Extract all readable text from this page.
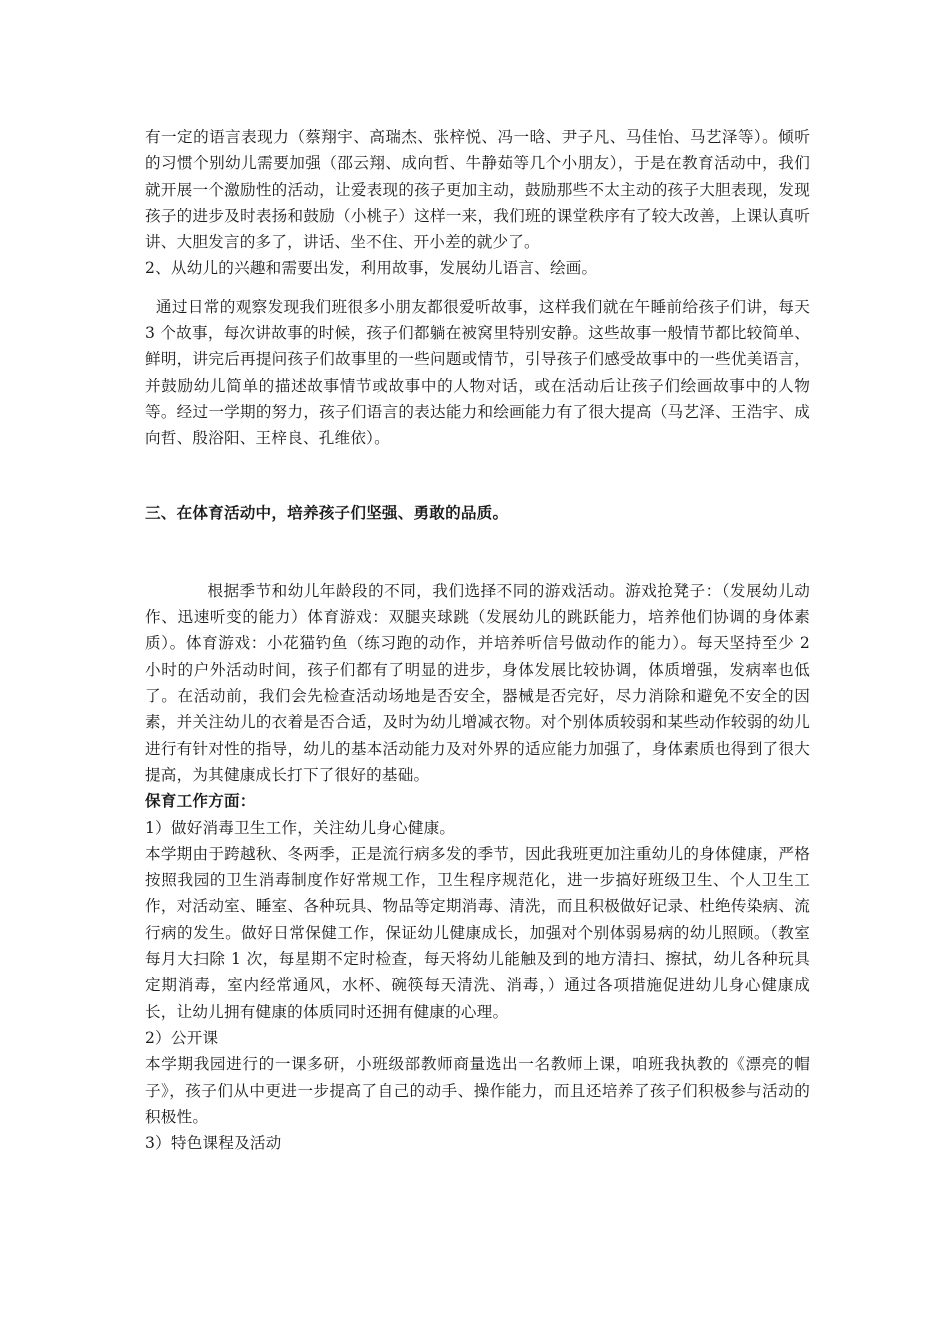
有一定的语言表现力（蔡翔宇、高瑞杰、张梓悦、冯一晗、尹子凡、马佳怡、马艺泽等）。倾听的习惯个别幼儿需要加强（邵云翔、成向哲、牛静茹等几个小朋友），于是在教育活动中，我们就开展一个激励性的活动，让爱表现的孩子更加主动，鼓励那些不太主动的孩子大胆表现，发现孩子的进步及时表扬和鼓励（小桃子）这样一来，我们班的课堂秩序有了较大改善，上课认真听讲、大胆发言的多了，讲话、坐不住、开小差的就少了。

2、从幼儿的兴趣和需要出发，利用故事，发展幼儿语言、绘画。

通过日常的观察发现我们班很多小朋友都很爱听故事，这样我们就在午睡前给孩子们讲，每天 3 个故事，每次讲故事的时候，孩子们都躺在被窝里特别安静。这些故事一般情节都比较简单、鲜明，讲完后再提问孩子们故事里的一些问题或情节，引导孩子们感受故事中的一些优美语言，并鼓励幼儿简单的描述故事情节或故事中的人物对话，或在活动后让孩子们绘画故事中的人物等。经过一学期的努力，孩子们语言的表达能力和绘画能力有了很大提高（马艺泽、王浩宇、成向哲、殷浴阳、王梓良、孔维依）。

三、在体育活动中，培养孩子们坚强、勇敢的品质。

根据季节和幼儿年龄段的不同，我们选择不同的游戏活动。游戏抢凳子：（发展幼儿动作、迅速听变的能力）体育游戏：双腿夹球跳（发展幼儿的跳跃能力，培养他们协调的身体素质）。体育游戏：小花猫钓鱼（练习跑的动作，并培养听信号做动作的能力）。每天坚持至少 2 小时的户外活动时间，孩子们都有了明显的进步，身体发展比较协调，体质增强，发病率也低了。在活动前，我们会先检查活动场地是否安全，器械是否完好，尽力消除和避免不安全的因素，并关注幼儿的衣着是否合适，及时为幼儿增减衣物。对个别体质较弱和某些动作较弱的幼儿进行有针对性的指导，幼儿的基本活动能力及对外界的适应能力加强了，身体素质也得到了很大提高，为其健康成长打下了很好的基础。

保育工作方面：

1）做好消毒卫生工作，关注幼儿身心健康。

本学期由于跨越秋、冬两季，正是流行病多发的季节，因此我班更加注重幼儿的身体健康，严格按照我园的卫生消毒制度作好常规工作，卫生程序规范化，进一步搞好班级卫生、个人卫生工作，对活动室、睡室、各种玩具、物品等定期消毒、清洗，而且积极做好记录、杜绝传染病、流行病的发生。做好日常保健工作，保证幼儿健康成长，加强对个别体弱易病的幼儿照顾。（教室每月大扫除 1 次，每星期不定时检查，每天将幼儿能触及到的地方清扫、擦拭，幼儿各种玩具定期消毒，室内经常通风，水杯、碗筷每天清洗、消毒，）通过各项措施促进幼儿身心健康成长，让幼儿拥有健康的体质同时还拥有健康的心理。

2）公开课

本学期我园进行的一课多研，小班级部教师商量选出一名教师上课，咱班我执教的《漂亮的帽子》，孩子们从中更进一步提高了自己的动手、操作能力，而且还培养了孩子们积极参与活动的积极性。

3）特色课程及活动
